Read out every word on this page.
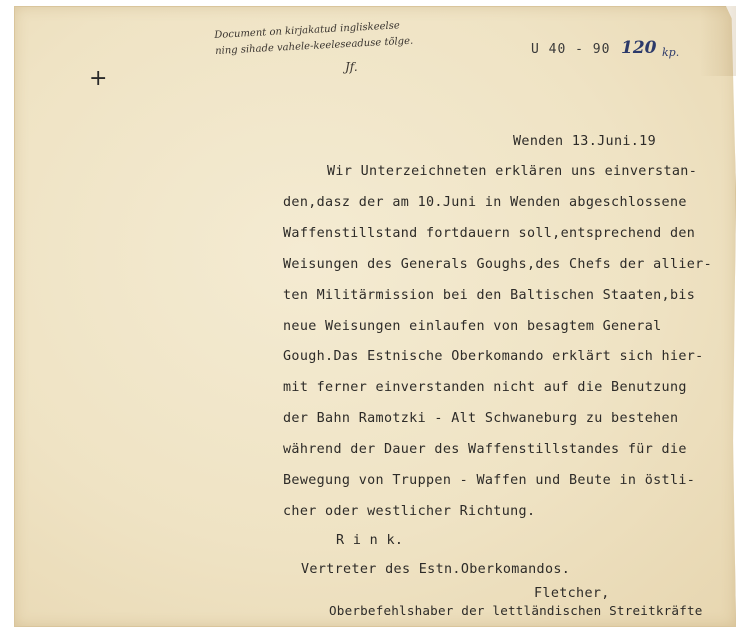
Document on kirjakatud ingliskeelse
ning sihade vahele-keeleseaduse tõlge.
Jf.
+
U 40 - 90 120 kp.
Wenden 13.Juni.19
Wir Unterzeichneten erklären uns einverstan-
den,dasz der am 10.Juni in Wenden abgeschlossene
Waffenstillstand fortdauern soll,entsprechend den
Weisungen des Generals Goughs,des Chefs der allier-
ten Militärmission bei den Baltischen Staaten,bis
neue Weisungen einlaufen von besagtem General
Gough.Das Estnische Oberkomando erklärt sich hier-
mit ferner einverstanden nicht auf die Benutzung
der Bahn Ramotzki - Alt Schwaneburg zu bestehen
während der Dauer des Waffenstillstandes für die
Bewegung von Truppen - Waffen und Beute in östli-
cher oder westlicher Richtung.
R i n k.
Vertreter des Estn.Oberkomandos.
Fletcher,
Oberbefehlshaber der lettländischen Streitkräfte
